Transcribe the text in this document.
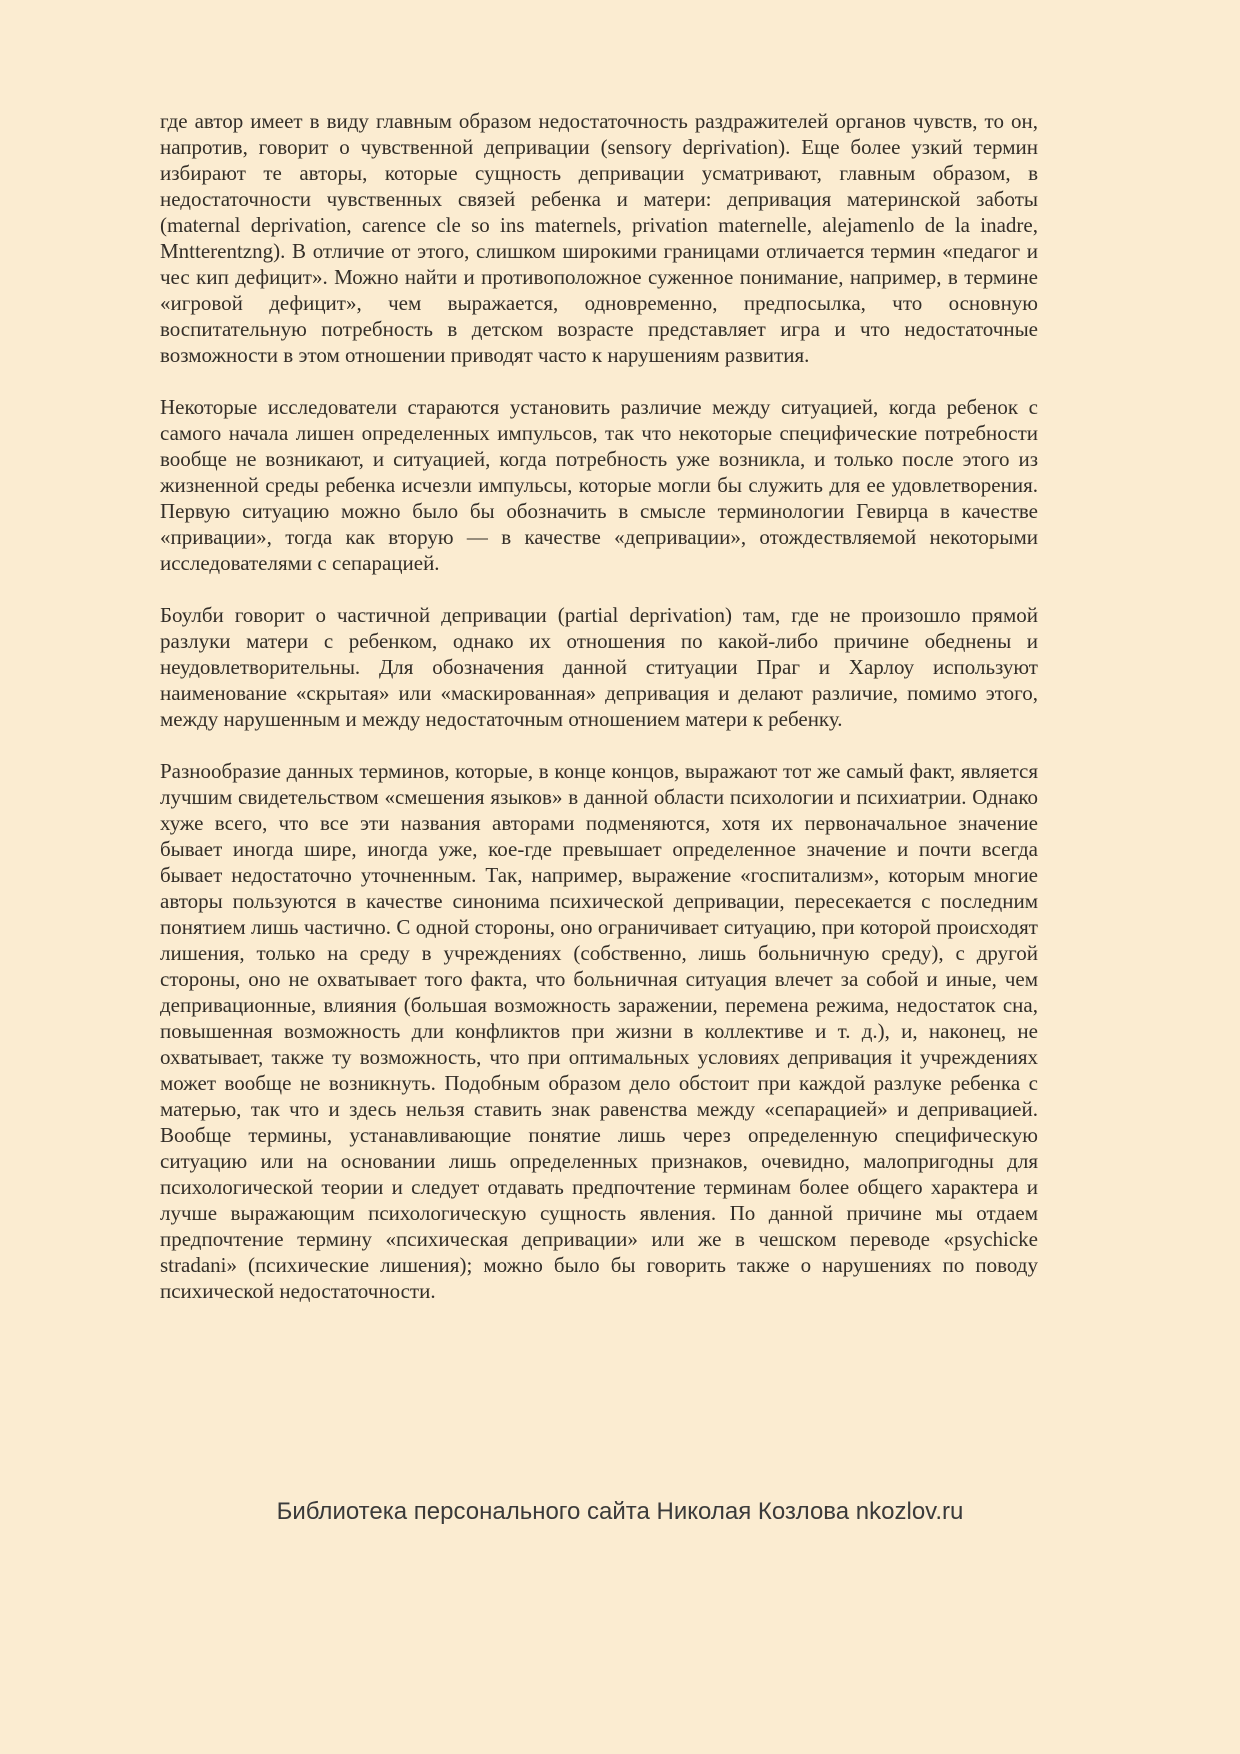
где автор имеет в виду главным образом недостаточность раздражителей органов чувств, то он, напротив, говорит о чувственной депривации (sensory deprivation). Еще более узкий термин избирают те авторы, которые сущность депривации усматривают, главным образом, в недостаточности чувственных связей ребенка и матери: депривация материнской заботы (maternal deprivation, carence cle so ins maternels, privation maternelle, alejamenlo de la inadre, Mntterentzng). В отличие от этого, слишком широкими границами отличается термин «педагог и чес кип дефицит». Можно найти и противоположное суженное понимание, например, в термине «игровой дефицит», чем выражается, одновременно, предпосылка, что основную воспитательную потребность в детском возрасте представляет игра и что недостаточные возможности в этом отношении приводят часто к нарушениям развития.

Некоторые исследователи стараются установить различие между ситуацией, когда ребенок с самого начала лишен определенных импульсов, так что некоторые специфические потребности вообще не возникают, и ситуацией, когда потребность уже возникла, и только после этого из жизненной среды ребенка исчезли импульсы, которые могли бы служить для ее удовлетворения. Первую ситуацию можно было бы обозначить в смысле терминологии Гевирца в качестве «привации», тогда как вторую — в качестве «депривации», отождествляемой некоторыми исследователями с сепарацией.

Боулби говорит о частичной депривации (partial deprivation) там, где не произошло прямой разлуки матери с ребенком, однако их отношения по какой-либо причине обеднены и неудовлетворительны. Для обозначения данной ституации Праг и Харлоу используют наименование «скрытая» или «маскированная» депривация и делают различие, помимо этого, между нарушенным и между недостаточным отношением матери к ребенку.

Разнообразие данных терминов, которые, в конце концов, выражают тот же самый факт, является лучшим свидетельством «смешения языков» в данной области психологии и психиатрии. Однако хуже всего, что все эти названия авторами подменяются, хотя их первоначальное значение бывает иногда шире, иногда уже, кое-где превышает определенное значение и почти всегда бывает недостаточно уточненным. Так, например, выражение «госпитализм», которым многие авторы пользуются в качестве синонима психической депривации, пересекается с последним понятием лишь частично. С одной стороны, оно ограничивает ситуацию, при которой происходят лишения, только на среду в учреждениях (собственно, лишь больничную среду), с другой стороны, оно не охватывает того факта, что больничная ситуация влечет за собой и иные, чем депривационные, влияния (большая возможность заражении, перемена режима, недостаток сна, повышенная возможность дли конфликтов при жизни в коллективе и т. д.), и, наконец, не охватывает, также ту возможность, что при оптимальных условиях депривация it учреждениях может вообще не возникнуть. Подобным образом дело обстоит при каждой разлуке ребенка с матерью, так что и здесь нельзя ставить знак равенства между «сепарацией» и депривацией. Вообще термины, устанавливающие понятие лишь через определенную специфическую ситуацию или на основании лишь определенных признаков, очевидно, малопригодны для психологической теории и следует отдавать предпочтение терминам более общего характера и лучше выражающим психологическую сущность явления. По данной причине мы отдаем предпочтение термину «психическая депривации» или же в чешском переводе «psychicke stradani» (психические лишения); можно было бы говорить также о нарушениях по поводу психической недостаточности.

Библиотека персонального сайта Николая Козлова nkozlov.ru
